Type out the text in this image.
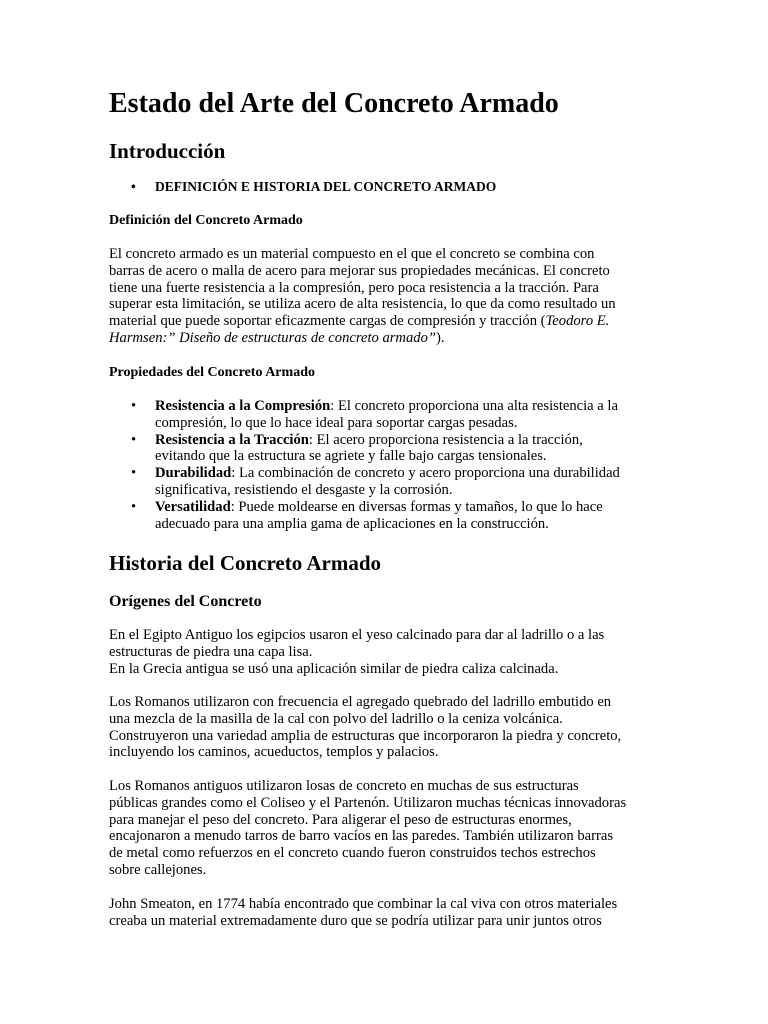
Estado del Arte del Concreto Armado
Introducción
• DEFINICIÓN E HISTORIA DEL CONCRETO ARMADO
Definición del Concreto Armado
El concreto armado es un material compuesto en el que el concreto se combina con
barras de acero o malla de acero para mejorar sus propiedades mecánicas. El concreto
tiene una fuerte resistencia a la compresión, pero poca resistencia a la tracción. Para
superar esta limitación, se utiliza acero de alta resistencia, lo que da como resultado un
material que puede soportar eficazmente cargas de compresión y tracción (Teodoro E.
Harmsen:” Diseño de estructuras de concreto armado”).
Propiedades del Concreto Armado
• Resistencia a la Compresión: El concreto proporciona una alta resistencia a la
compresión, lo que lo hace ideal para soportar cargas pesadas.
• Resistencia a la Tracción: El acero proporciona resistencia a la tracción,
evitando que la estructura se agriete y falle bajo cargas tensionales.
• Durabilidad: La combinación de concreto y acero proporciona una durabilidad
significativa, resistiendo el desgaste y la corrosión.
• Versatilidad: Puede moldearse en diversas formas y tamaños, lo que lo hace
adecuado para una amplia gama de aplicaciones en la construcción.
Historia del Concreto Armado
Orígenes del Concreto
En el Egipto Antiguo los egipcios usaron el yeso calcinado para dar al ladrillo o a las
estructuras de piedra una capa lisa.
En la Grecia antigua se usó una aplicación similar de piedra caliza calcinada.
Los Romanos utilizaron con frecuencia el agregado quebrado del ladrillo embutido en
una mezcla de la masilla de la cal con polvo del ladrillo o la ceniza volcánica.
Construyeron una variedad amplia de estructuras que incorporaron la piedra y concreto,
incluyendo los caminos, acueductos, templos y palacios.
Los Romanos antiguos utilizaron losas de concreto en muchas de sus estructuras
públicas grandes como el Coliseo y el Partenón. Utilizaron muchas técnicas innovadoras
para manejar el peso del concreto. Para aligerar el peso de estructuras enormes,
encajonaron a menudo tarros de barro vacíos en las paredes. También utilizaron barras
de metal como refuerzos en el concreto cuando fueron construidos techos estrechos
sobre callejones.
John Smeaton, en 1774 había encontrado que combinar la cal viva con otros materiales
creaba un material extremadamente duro que se podría utilizar para unir juntos otros
